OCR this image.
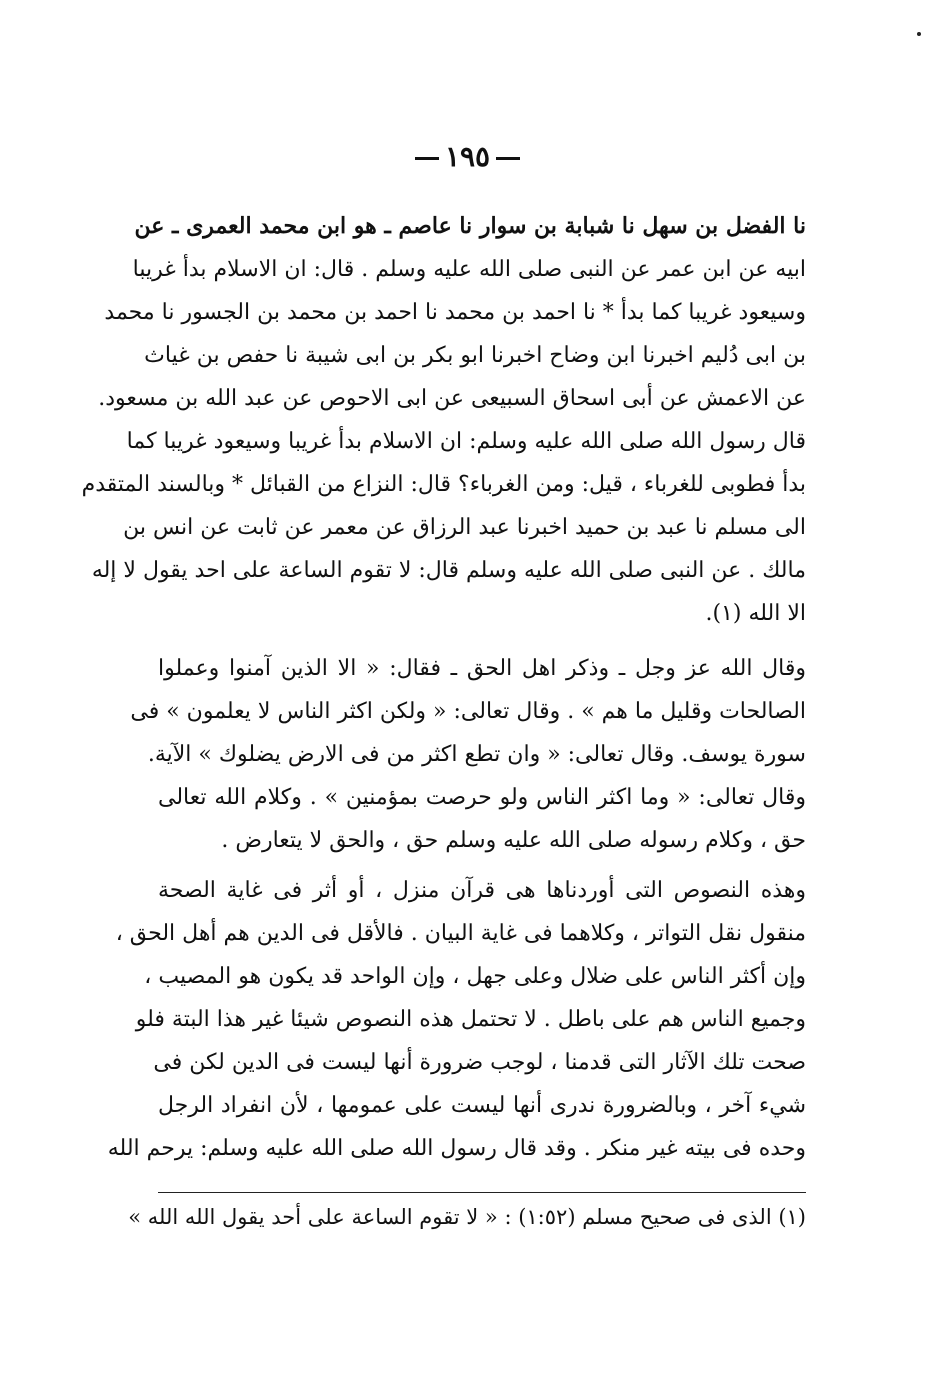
١٩٥
نا الفضل بن سهل نا شبابة بن سوار نا عاصم ـ هو ابن محمد العمرى ـ عن
ابيه عن ابن عمر عن النبى صلى الله عليه وسلم . قال: ان الاسلام بدأ غريبا
وسيعود غريبا كما بدأ * نا احمد بن محمد نا احمد بن محمد بن الجسور نا محمد
بن ابى دُليم اخبرنا ابن وضاح اخبرنا ابو بكر بن ابى شيبة نا حفص بن غياث
عن الاعمش عن أبى اسحاق السبيعى عن ابى الاحوص عن عبد الله بن مسعود.
قال رسول الله صلى الله عليه وسلم: ان الاسلام بدأ غريبا وسيعود غريبا كما
بدأ فطوبى للغرباء ، قيل: ومن الغرباء؟ قال: النزاع من القبائل * وبالسند المتقدم
الى مسلم نا عبد بن حميد اخبرنا عبد الرزاق عن معمر عن ثابت عن انس بن
مالك . عن النبى صلى الله عليه وسلم قال: لا تقوم الساعة على احد يقول لا إله
الا الله (١).
وقال الله عز وجل ـ وذكر اهل الحق ـ فقال: « الا الذين آمنوا وعملوا
الصالحات وقليل ما هم » . وقال تعالى: « ولكن اكثر الناس لا يعلمون » فى
سورة يوسف. وقال تعالى: « وان تطع اكثر من فى الارض يضلوك » الآية.
وقال تعالى: « وما اكثر الناس ولو حرصت بمؤمنين » . وكلام الله تعالى
حق ، وكلام رسوله صلى الله عليه وسلم حق ، والحق لا يتعارض .
وهذه النصوص التى أوردناها هى قرآن منزل ، أو أثر فى غاية الصحة
منقول نقل التواتر ، وكلاهما فى غاية البيان . فالأقل فى الدين هم أهل الحق ،
وإن أكثر الناس على ضلال وعلى جهل ، وإن الواحد قد يكون هو المصيب ،
وجميع الناس هم على باطل . لا تحتمل هذه النصوص شيئا غير هذا البتة فلو
صحت تلك الآثار التى قدمنا ، لوجب ضرورة أنها ليست فى الدين لكن فى
شيء آخر ، وبالضرورة ندرى أنها ليست على عمومها ، لأن انفراد الرجل
وحده فى بيته غير منكر . وقد قال رسول الله صلى الله عليه وسلم: يرحم الله
(١) الذى فى صحيح مسلم (١:٥٢) : « لا تقوم الساعة على أحد يقول الله الله »
